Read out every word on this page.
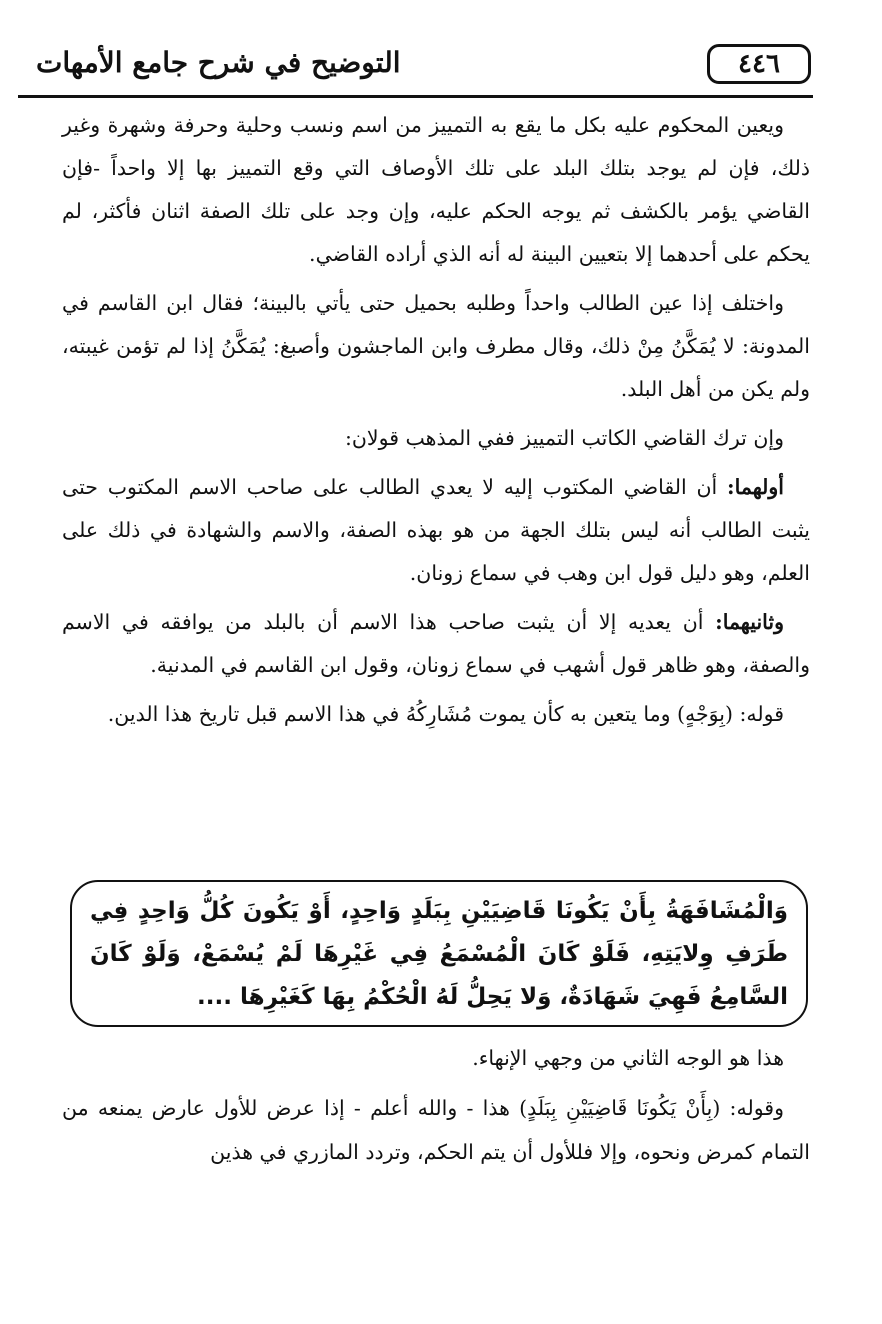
٤٤٦
التوضيح في شرح جامع الأمهات

ويعين المحكوم عليه بكل ما يقع به التمييز من اسم ونسب وحلية وحرفة وشهرة وغير ذلك، فإن لم يوجد بتلك البلد على تلك الأوصاف التي وقع التمييز بها إلا واحداً -فإن القاضي يؤمر بالكشف ثم يوجه الحكم عليه، وإن وجد على تلك الصفة اثنان فأكثر، لم يحكم على أحدهما إلا بتعيين البينة له أنه الذي أراده القاضي.

واختلف إذا عين الطالب واحداً وطلبه بحميل حتى يأتي بالبينة؛ فقال ابن القاسم في المدونة: لا يُمَكَّنُ مِنْ ذلك، وقال مطرف وابن الماجشون وأصبغ: يُمَكَّنُ إذا لم تؤمن غيبته، ولم يكن من أهل البلد.

وإن ترك القاضي الكاتب التمييز ففي المذهب قولان:

أولهما: أن القاضي المكتوب إليه لا يعدي الطالب على صاحب الاسم المكتوب حتى يثبت الطالب أنه ليس بتلك الجهة من هو بهذه الصفة، والاسم والشهادة في ذلك على العلم، وهو دليل قول ابن وهب في سماع زونان.

وثانيهما: أن يعديه إلا أن يثبت صاحب هذا الاسم أن بالبلد من يوافقه في الاسم والصفة، وهو ظاهر قول أشهب في سماع زونان، وقول ابن القاسم في المدنية.

قوله: (بِوَجْهٍ) وما يتعين به كأن يموت مُشَارِكُهُ في هذا الاسم قبل تاريخ هذا الدين.

وَالْمُشَافَهَةُ بِأَنْ يَكُونَا قَاضِيَيْنِ بِبَلَدٍ وَاحِدٍ، أَوْ يَكُونَ كُلُّ وَاحِدٍ فِي طَرَفِ وِلايَتِهِ، فَلَوْ كَانَ الْمُسْمَعُ فِي غَيْرِهَا لَمْ يُسْمَعْ، وَلَوْ كَانَ السَّامِعُ فَهِيَ شَهَادَةٌ، وَلا يَحِلُّ لَهُ الْحُكْمُ بِهَا كَغَيْرِهَا ....

هذا هو الوجه الثاني من وجهي الإنهاء.

وقوله: (بِأَنْ يَكُونَا قَاضِيَيْنِ بِبَلَدٍ) هذا - والله أعلم - إذا عرض للأول عارض يمنعه من التمام كمرض ونحوه، وإلا فللأول أن يتم الحكم، وتردد المازري في هذين
